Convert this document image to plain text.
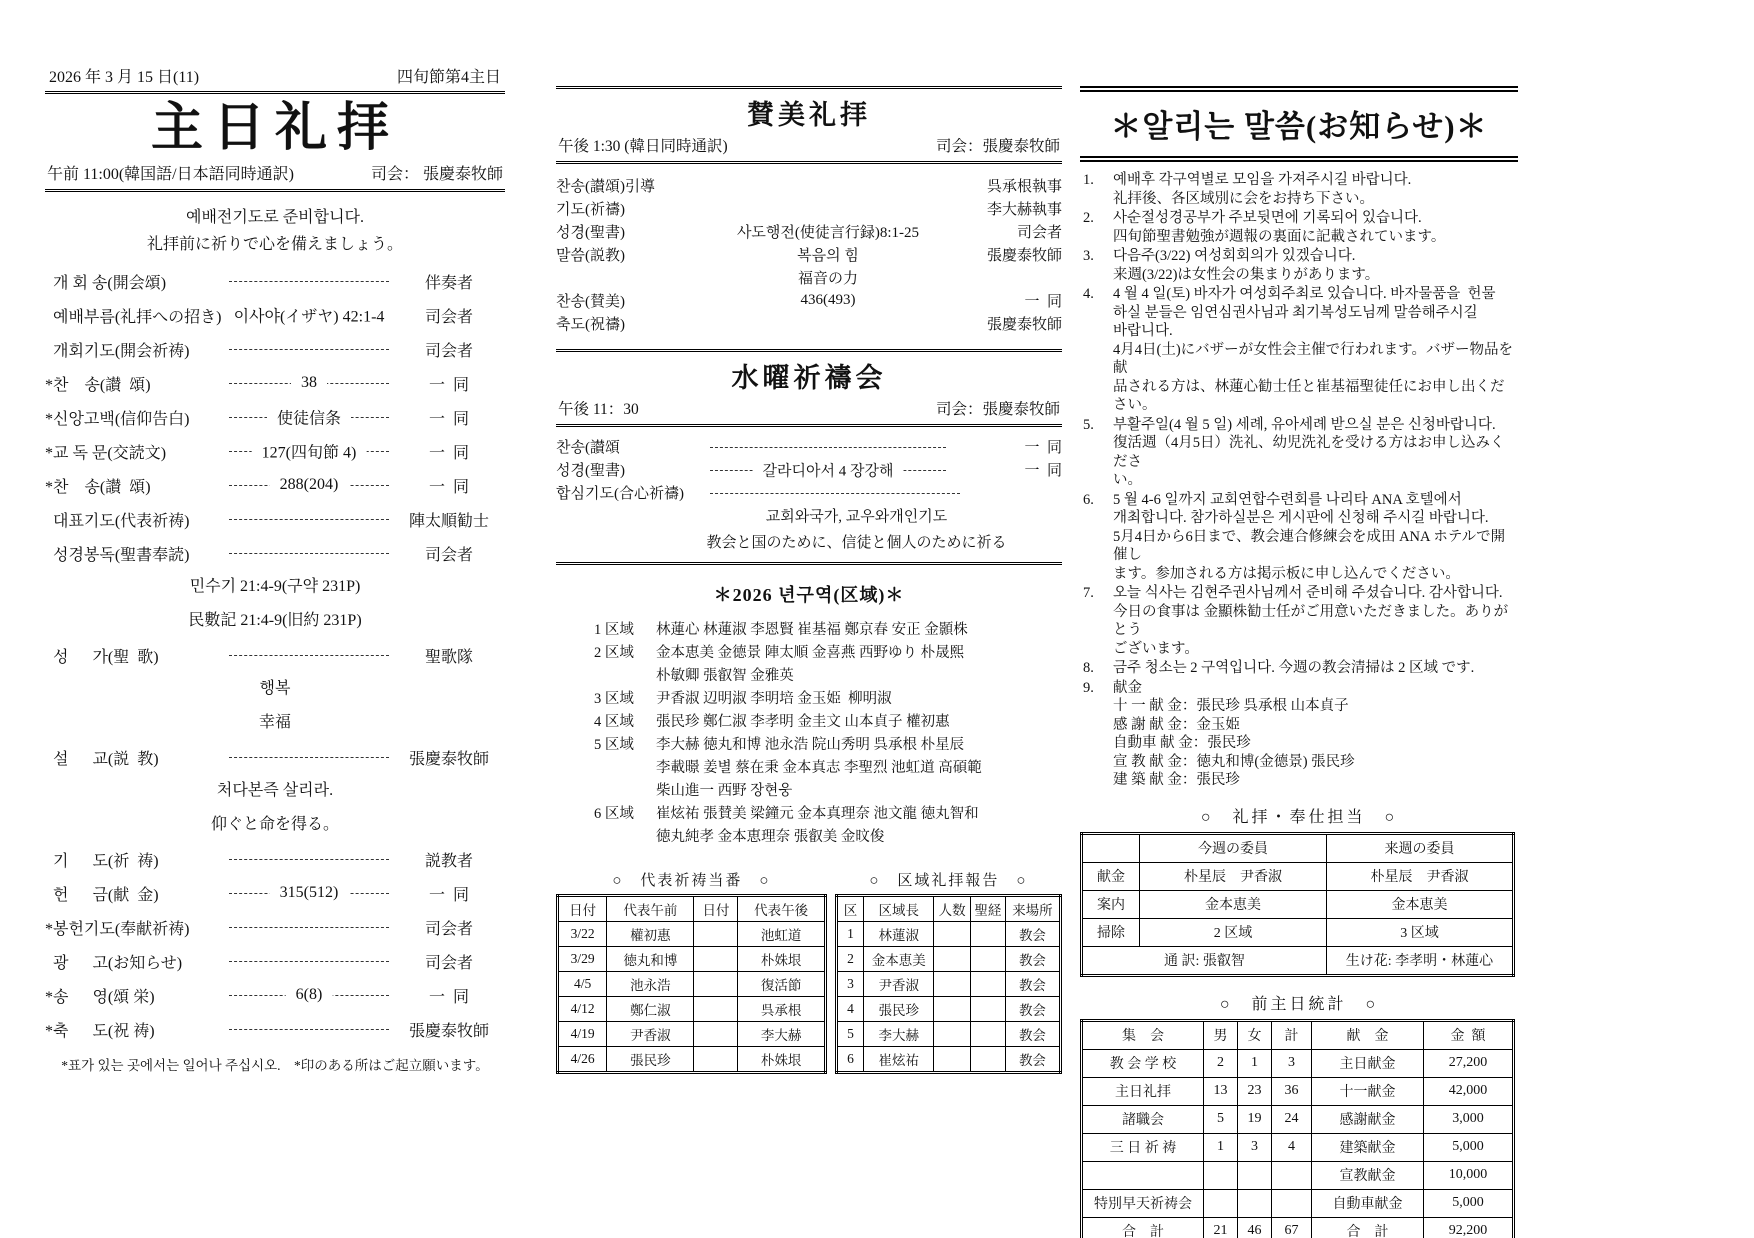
2026 年 3 月 15 日(11)	四旬節第4主日
主日礼拝
午前 11:00(韓国語/日本語同時通訳)	司会： 張慶泰牧師
예배전기도로 준비합니다.
礼拝前に祈りで心を備えましょう。
개 회 송(開会頌)	伴奏者
예배부름(礼拝への招き) 이사야(イザヤ) 42:1-4	司会者
개회기도(開会祈祷)	司会者
*찬    송(讃  頌)	38	一  同
*신앙고백(信仰告白)	使徒信条	一  同
*교 독 문(交読文)	127(四旬節 4)	一  同
*찬    송(讃  頌)	288(204)	一  同
대표기도(代表祈祷)	陣太順勧士
성경봉독(聖書奉読)	司会者
민수기 21:4-9(구약 231P)
民數記 21:4-9(旧約 231P)
성      가(聖  歌)	聖歌隊
행복
幸福
설      교(説  教)	張慶泰牧師
처다본즉 살리라.
仰ぐと命を得る。
기      도(祈  祷)	説教者
헌      금(献  金)	315(512)	一  同
*봉헌기도(奉献祈祷)	司会者
광      고(お知らせ)	司会者
*송      영(頌 栄)	6(8)	一  同
*축      도(祝 祷)	張慶泰牧師
*표가 있는 곳에서는 일어나 주십시오.    *印のある所はご起立願います。
賛美礼拝
午後 1:30 (韓日同時通訳)	司会：張慶泰牧師
찬송(讃頌)引導	呉承根執事
기도(祈禱)	李大赫執事
성경(聖書)	사도행전(使徒言行録)8:1-25	司会者
말씀(説教)	복음의 힘	張慶泰牧師
福音の力
찬송(賛美)	436(493)	一  同
축도(祝禱)	張慶泰牧師
水曜祈禱会
午後 11：30	司会：張慶泰牧師
찬송(讃頌	一  同
성경(聖書)	갈라디아서 4 장강해	一  同
합심기도(合心祈禱)
교회와국가, 교우와개인기도
教会と国のために、信徒と個人のために祈る
＊2026 년구역(区域)＊
1 区域	林蓮心 林蓮淑 李恩賢 崔基福 鄭京春 安正 金顥株
2 区域	金本恵美 金德景 陣太順 金喜燕 西野ゆり 朴晟熙
朴敏卿 張叡智 金雅英
3 区域	尹香淑 辺明淑 李明培 金玉姫  柳明淑
4 区域	張民珍 鄭仁淑 李孝明 金圭文 山本貞子 權初惠
5 区域	李大赫 徳丸和博 池永浩 院山秀明 呉承根 朴星辰
李載暻 姜별 蔡在秉 金本真志 李聖烈 池虹道 高碩範
柴山進一 西野 장현웅
6 区域	崔炫祐 張賛美 梁鐘元 金本真理奈 池文龍 徳丸智和
徳丸純孝 金本恵理奈 張叡美 金旼俊
○　代表祈祷当番　○
日付	代表午前	日付	代表午後
3/22	權初惠		池虹道
3/29	徳丸和博		朴姝垠
4/5	池永浩		復活節
4/12	鄭仁淑		呉承根
4/19	尹香淑		李大赫
4/26	張民珍		朴姝垠
○　区域礼拝報告　○
区	区域長	人数	聖経	来場所
1	林蓮淑			教会
2	金本恵美			教会
3	尹香淑			教会
4	張民珍			教会
5	李大赫			教会
6	崔炫祐			教会
＊알리는 말씀(お知らせ)＊
1.	예배후 각구역별로 모임을 가져주시길 바랍니다.
礼拝後、各区域別に会をお持ち下さい。
2.	사순절성경공부가 주보뒷면에 기록되어 있습니다.
四旬節聖書勉強が週報の裏面に記載されています。
3.	다음주(3/22) 여성회회의가 있겠습니다.
来週(3/22)は女性会の集まりがあります。
4.	4 월 4 일(토) 바자가 여성회주최로 있습니다. 바자물품을  헌물
하실 분들은 임연심권사님과 최기복성도님께 말씀해주시길
바랍니다.
4月4日(土)にバザーが女性会主催で行われます。バザー物品を献
品される方は、林蓮心勧士任と崔基福聖徒任にお申し出ください。
5.	부활주일(4 월 5 일) 세례, 유아세례 받으실 분은 신청바랍니다.
復活週（4月5日）洗礼、幼児洗礼を受ける方はお申し込みくださ
い。
6.	5 월 4-6 일까지 교회연합수련회를 나리타 ANA 호텔에서
개최합니다. 참가하실분은 게시판에 신청해 주시길 바랍니다.
5月4日から6日まで、教会連合修練会を成田 ANA ホテルで開催し
ます。参加される方は掲示板に申し込んでください。
7.	오늘 식사는 김현주권사님께서 준비해 주셨습니다. 감사합니다.
今日の食事は 金顯株勧士任がご用意いただきました。ありがとう
ございます。
8.	금주 청소는 2 구역입니다. 今週の教会清掃は 2 区域 です.
9.	献金
十 一 献 金：張民珍 呉承根 山本貞子
感 謝 献 金：金玉姫
自動車 献 金：張民珍
宣 教 献 金：徳丸和博(金德景) 張民珍
建 築 献 金：張民珍
○　礼拝・奉仕担当　○
	今週の委員	来週の委員
献金	朴星辰　尹香淑	朴星辰　尹香淑
案内	金本恵美	金本恵美
掃除	2 区域	3 区域
通 訳: 張叡智		生け花: 李孝明・林蓮心
○　前主日統計　○
集    会	男	女	計	献    金	金  額
教 会 学 校	2	1	3	主日献金	27,200
主日礼拝	13	23	36	十一献金	42,000
諸職会	5	19	24	感謝献金	3,000
三 日 祈 祷	1	3	4	建築献金	5,000
				宣教献金	10,000
特別早天祈祷会				自動車献金	5,000
合    計	21	46	67	合    計	92,200
